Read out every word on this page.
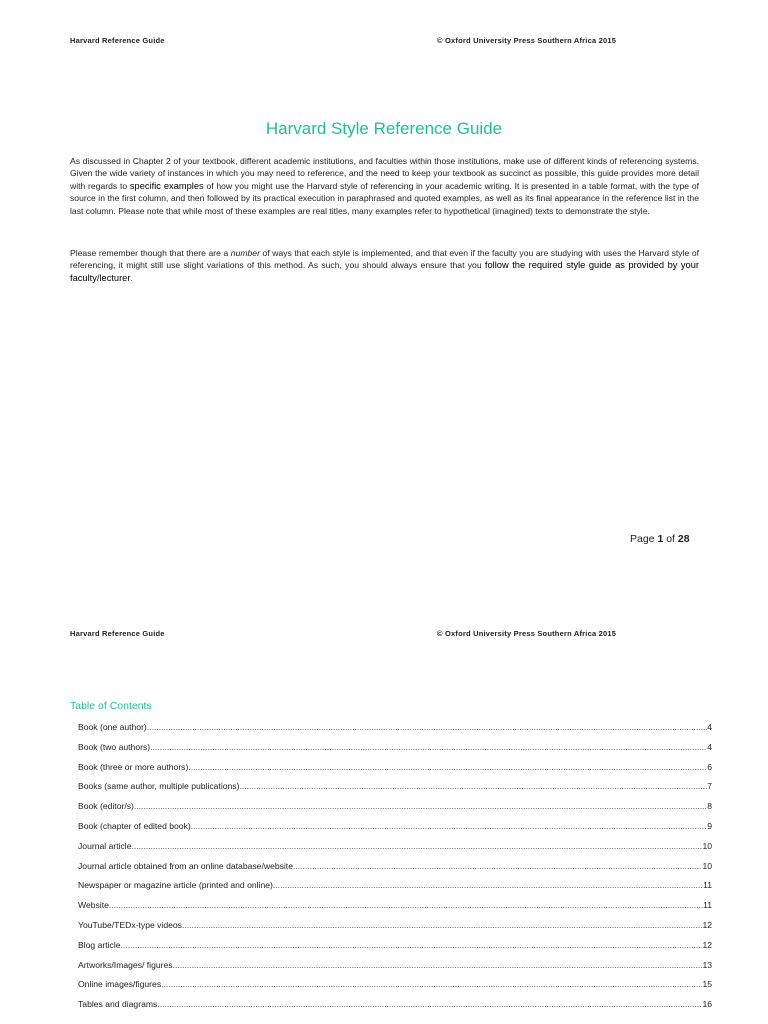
Harvard Reference Guide	© Oxford University Press Southern Africa 2015
Harvard Style Reference Guide
As discussed in Chapter 2 of your textbook, different academic institutions, and faculties within those institutions, make use of different kinds of referencing systems. Given the wide variety of instances in which you may need to reference, and the need to keep your textbook as succinct as possible, this guide provides more detail with regards to specific examples of how you might use the Harvard style of referencing in your academic writing. It is presented in a table format, with the type of source in the first column, and then followed by its practical execution in paraphrased and quoted examples, as well as its final appearance in the reference list in the last column. Please note that while most of these examples are real titles, many examples refer to hypothetical (imagined) texts to demonstrate the style.
Please remember though that there are a number of ways that each style is implemented, and that even if the faculty you are studying with uses the Harvard style of referencing, it might still use slight variations of this method. As such, you should always ensure that you follow the required style guide as provided by your faculty/lecturer.
Page 1 of 28
Harvard Reference Guide	© Oxford University Press Southern Africa 2015
Table of Contents
Book (one author) .....	4
Book (two authors) .....	4
Book (three or more authors) .....	6
Books (same author, multiple publications) .....	7
Book (editor/s) .....	8
Book (chapter of edited book) .....	9
Journal article .....	10
Journal article obtained from an online database/website .....	10
Newspaper or magazine article (printed and online) .....	11
Website .....	11
YouTube/TEDx-type videos .....	12
Blog article .....	12
Artworks/Images/ figures .....	13
Online images/figures .....	15
Tables and diagrams .....	16
